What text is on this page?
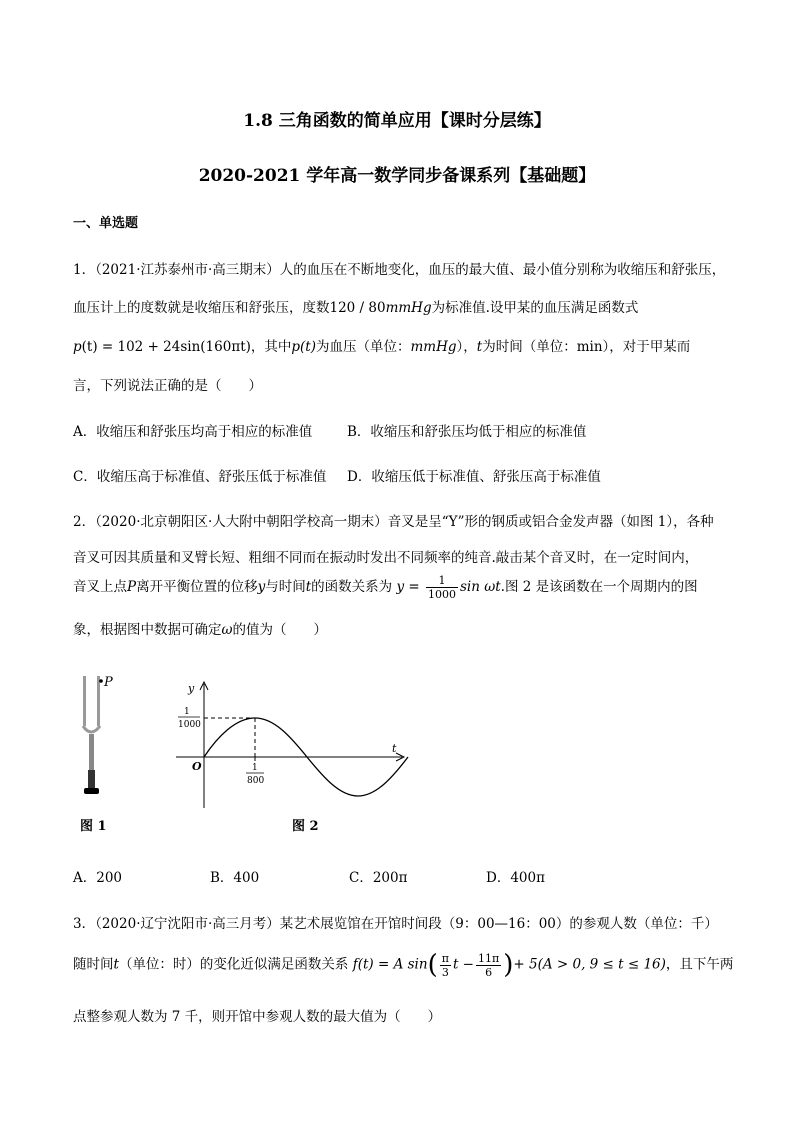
1.8 三角函数的简单应用【课时分层练】
2020-2021 学年高一数学同步备课系列【基础题】
一、单选题
1．（2021·江苏泰州市·高三期末）人的血压在不断地变化，血压的最大值、最小值分别称为收缩压和舒张压，
血压计上的度数就是收缩压和舒张压，度数120 / 80mmHg为标准值.设甲某的血压满足函数式
p(t) = 102 + 24sin(160πt)，其中p(t)为血压（单位：mmHg），t为时间（单位：min），对于甲某而
言，下列说法正确的是（　　）
A．收缩压和舒张压均高于相应的标准值	B．收缩压和舒张压均低于相应的标准值
C．收缩压高于标准值、舒张压低于标准值 D．收缩压低于标准值、舒张压高于标准值
2．（2020·北京朝阳区·人大附中朝阳学校高一期末）音叉是呈“Y”形的钢质或铝合金发声器（如图 1），各种
音叉可因其质量和叉臂长短、粗细不同而在振动时发出不同频率的纯音.敲击某个音叉时，在一定时间内，
音叉上点P离开平衡位置的位移y与时间t的函数关系为 $y = \frac{1}{1000}$ sin ωt.图 2 是该函数在一个周期内的图
象，根据图中数据可确定ω的值为（　　）
P
图 1
y
t
O
1
1000
1
800
图 2
A．200	B．400	C．200π	D．400π
3．（2020·辽宁沈阳市·高三月考）某艺术展览馆在开馆时间段（9：00—16：00）的参观人数（单位：千）
随时间t（单位：时）的变化近似满足函数关系 f(t) = A $\sin( \frac{\pi}{3}$ $t - \frac{11\pi}{6}$ )+ 5(A > 0, 9 ≤ t ≤ 16)，且下午两
点整参观人数为 7 千，则开馆中参观人数的最大值为（　　）
